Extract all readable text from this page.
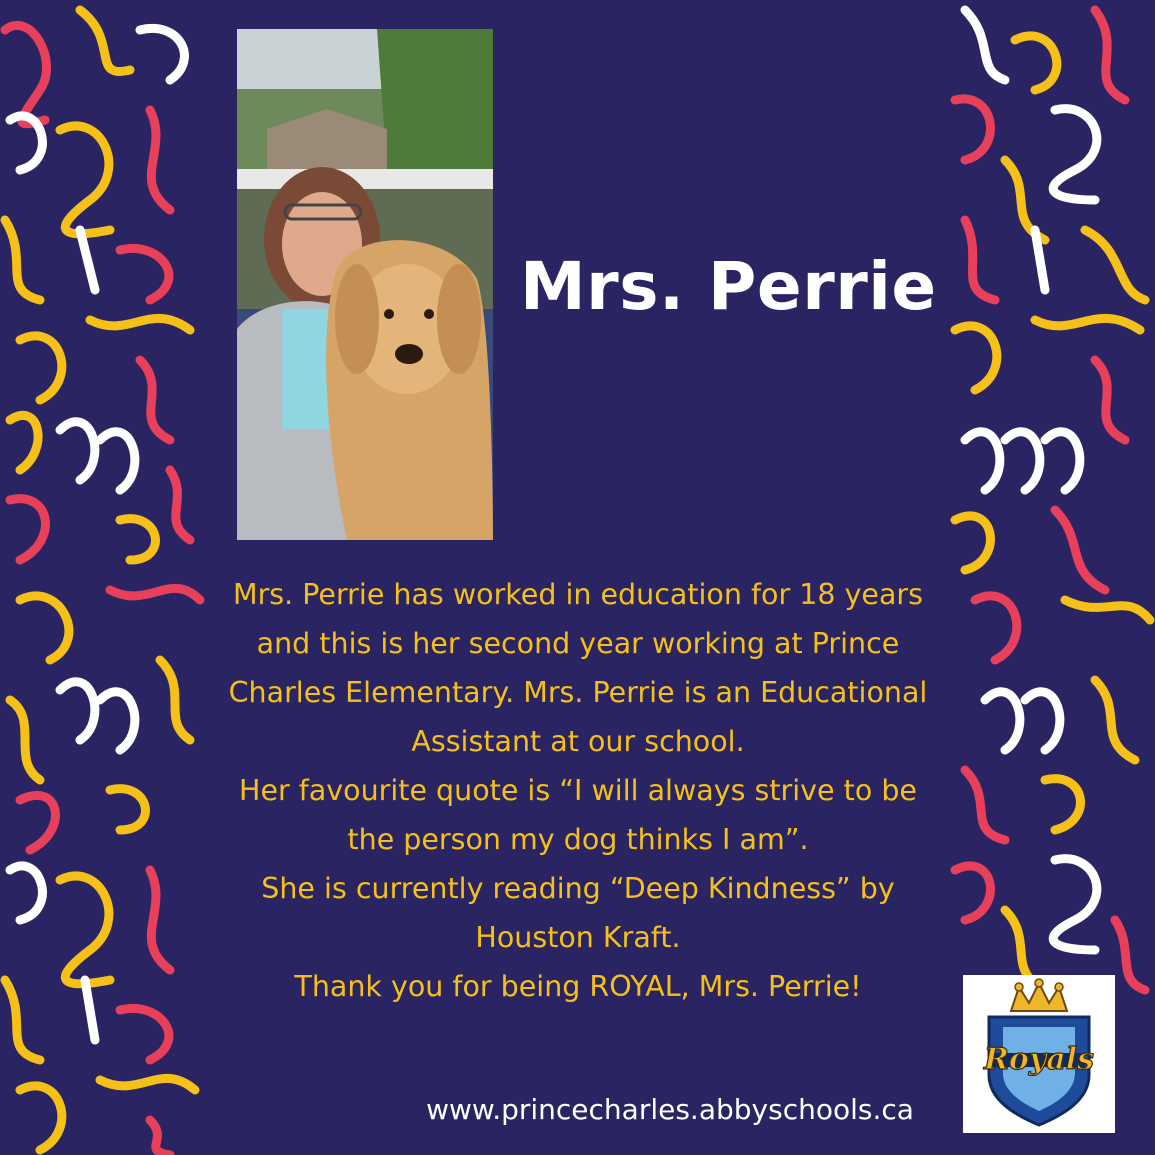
Mrs. Perrie
Mrs. Perrie has worked in education for 18 years
and this is her second year working at Prince
Charles Elementary. Mrs. Perrie is an Educational
Assistant at our school.
Her favourite quote is “I will always strive to be
the person my dog thinks I am”.
She is currently reading “Deep Kindness” by
Houston Kraft.
Thank you for being ROYAL, Mrs. Perrie!
www.princecharles.abbyschools.ca
Royals
